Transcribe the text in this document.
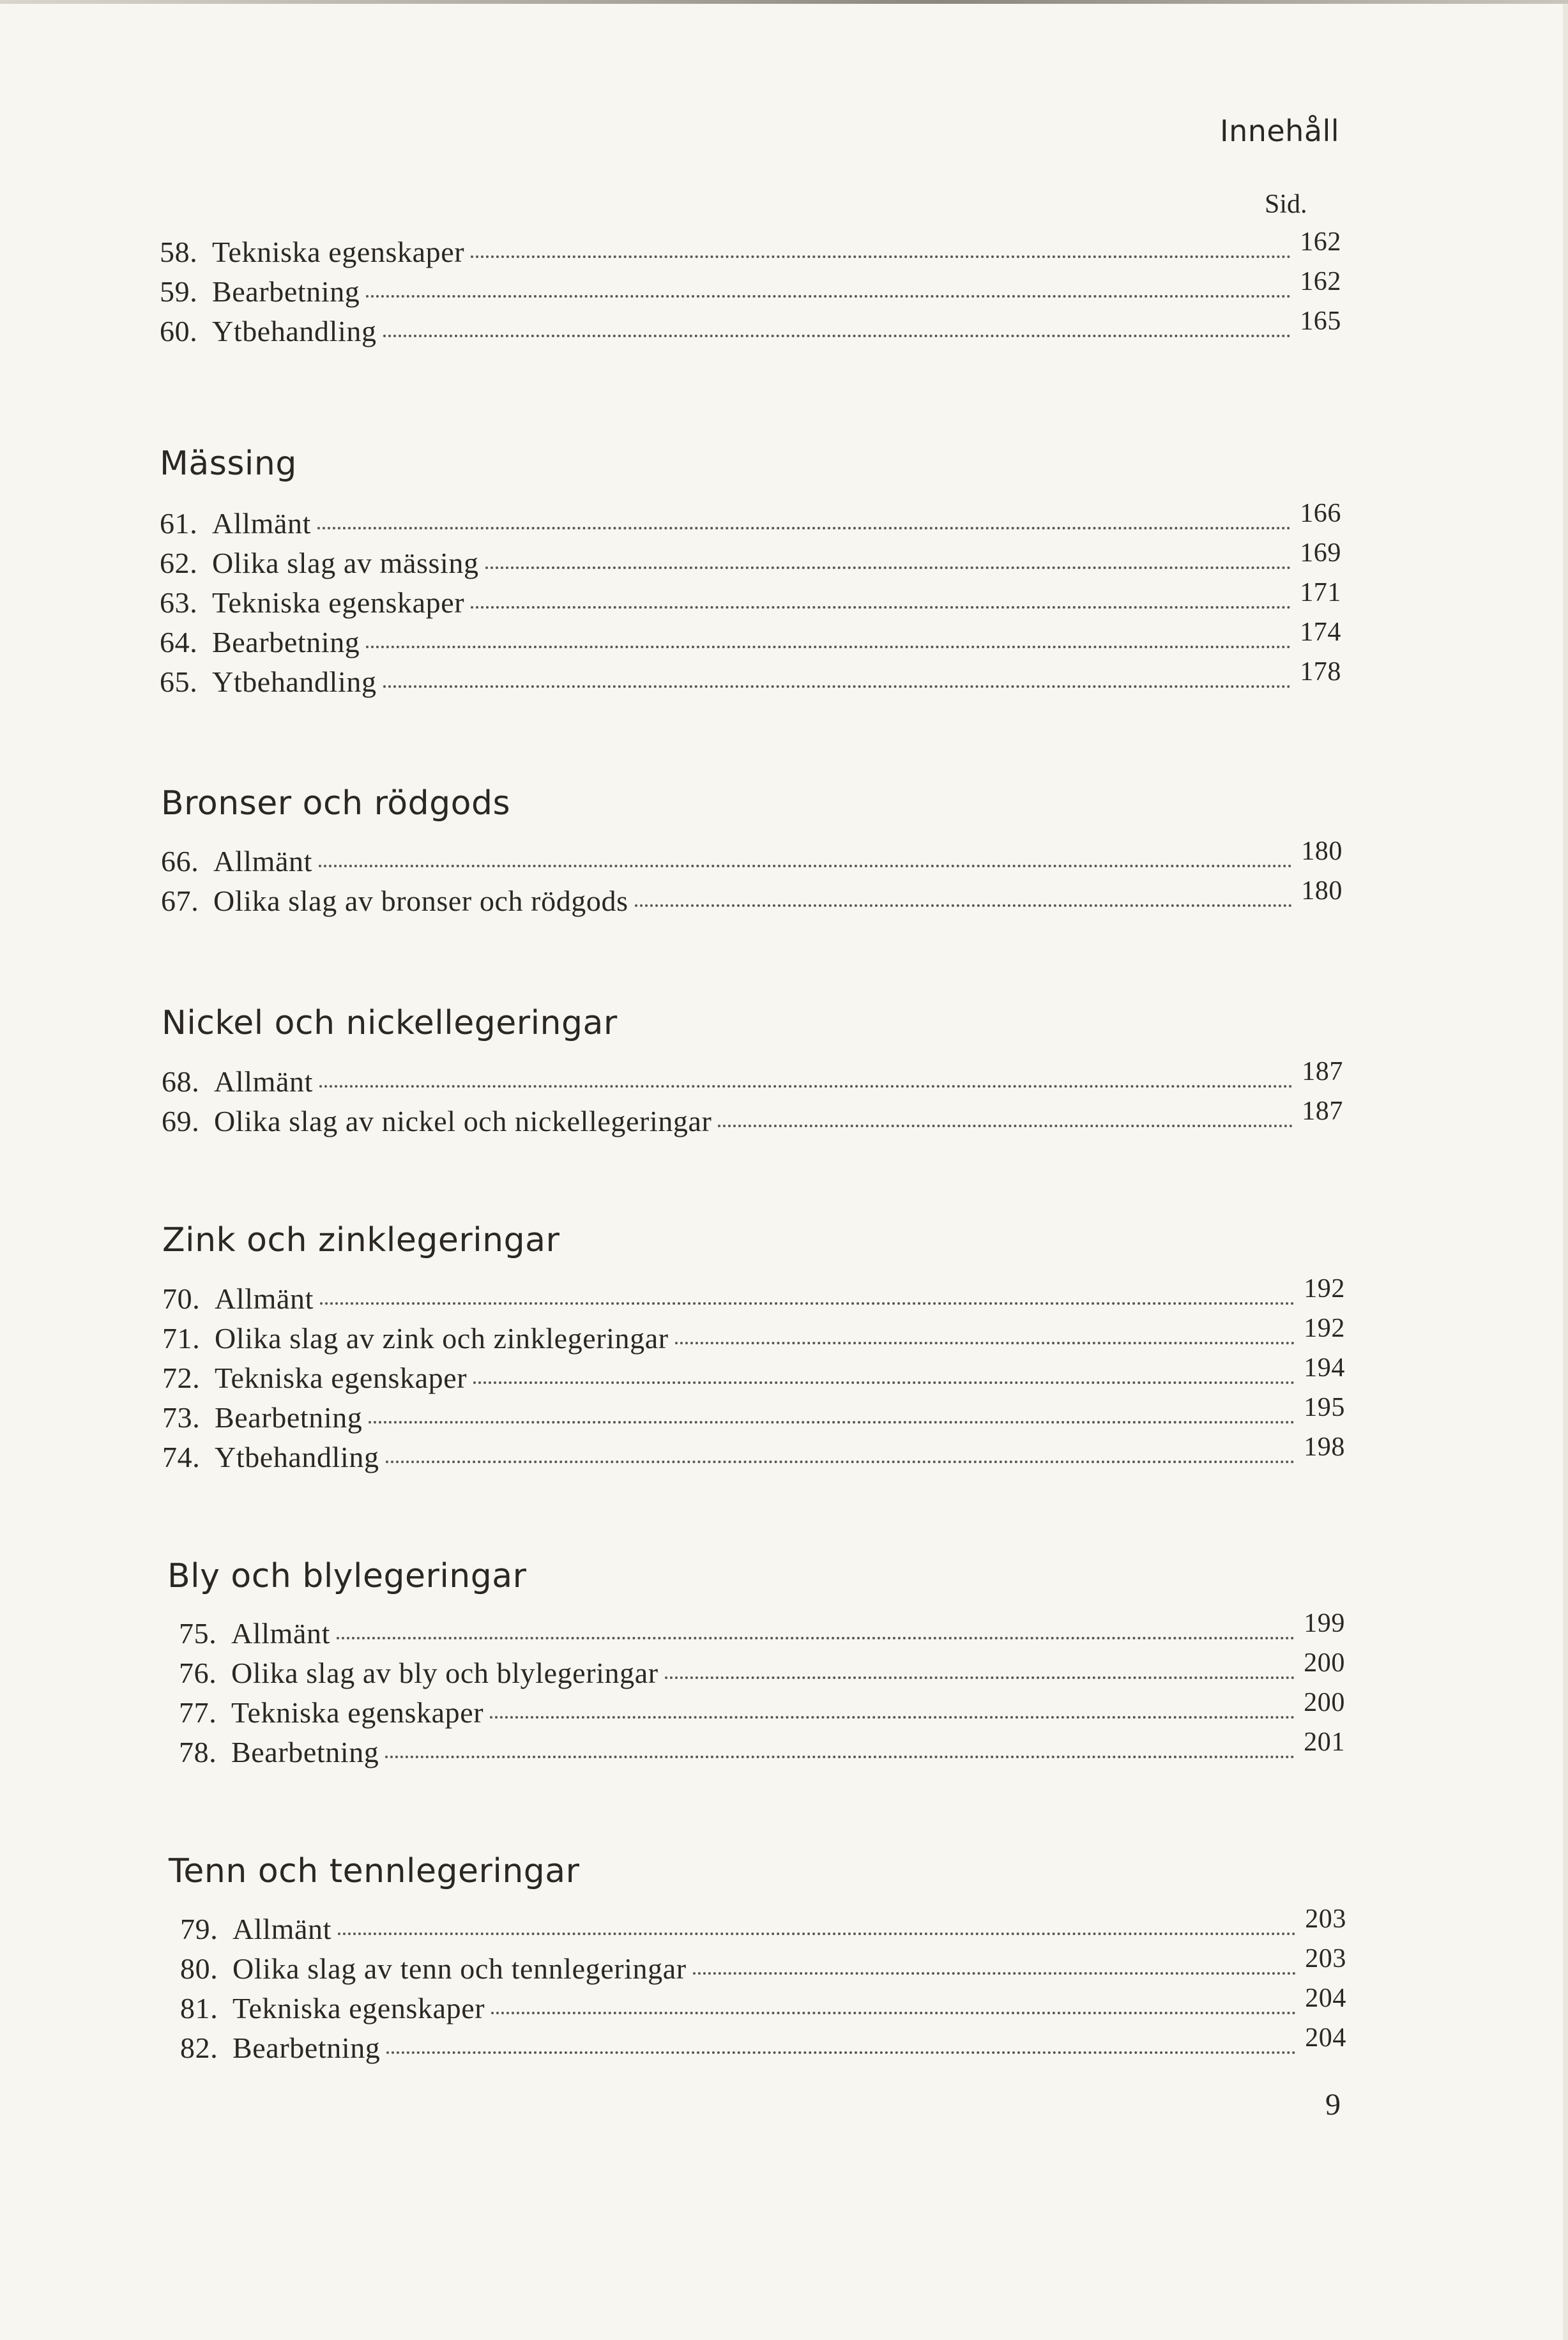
Innehåll
Sid.
58. Tekniska egenskaper	162
59. Bearbetning	162
60. Ytbehandling	165
Mässing
61. Allmänt	166
62. Olika slag av mässing	169
63. Tekniska egenskaper	171
64. Bearbetning	174
65. Ytbehandling	178
Bronser och rödgods
66. Allmänt	180
67. Olika slag av bronser och rödgods	180
Nickel och nickellegeringar
68. Allmänt	187
69. Olika slag av nickel och nickellegeringar	187
Zink och zinklegeringar
70. Allmänt	192
71. Olika slag av zink och zinklegeringar	192
72. Tekniska egenskaper	194
73. Bearbetning	195
74. Ytbehandling	198
Bly och blylegeringar
75. Allmänt	199
76. Olika slag av bly och blylegeringar	200
77. Tekniska egenskaper	200
78. Bearbetning	201
Tenn och tennlegeringar
79. Allmänt	203
80. Olika slag av tenn och tennlegeringar	203
81. Tekniska egenskaper	204
82. Bearbetning	204
9
